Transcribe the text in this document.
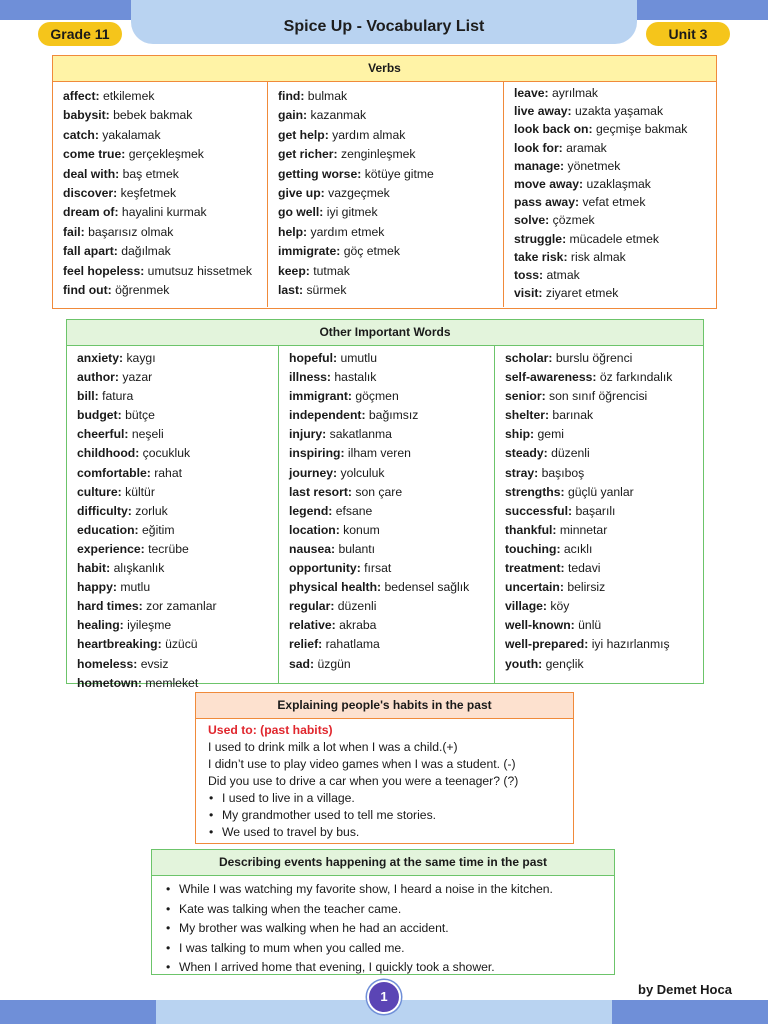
Spice Up - Vocabulary List
Grade 11	Unit 3
Verbs
affect: etkilemek
babysit: bebek bakmak
catch: yakalamak
come true: gerçekleşmek
deal with: baş etmek
discover: keşfetmek
dream of: hayalini kurmak
fail: başarısız olmak
fall apart: dağılmak
feel hopeless: umutsuz hissetmek
find out: öğrenmek
find: bulmak
gain: kazanmak
get help: yardım almak
get richer: zenginleşmek
getting worse: kötüye gitme
give up: vazgeçmek
go well: iyi gitmek
help: yardım etmek
immigrate: göç etmek
keep: tutmak
last: sürmek
leave: ayrılmak
live away: uzakta yaşamak
look back on: geçmişe bakmak
look for: aramak
manage: yönetmek
move away: uzaklaşmak
pass away: vefat etmek
solve: çözmek
struggle: mücadele etmek
take risk: risk almak
toss: atmak
visit: ziyaret etmek
Other Important Words
anxiety: kaygı
author: yazar
bill: fatura
budget: bütçe
cheerful: neşeli
childhood: çocukluk
comfortable: rahat
culture: kültür
difficulty: zorluk
education: eğitim
experience: tecrübe
habit: alışkanlık
happy: mutlu
hard times: zor zamanlar
healing: iyileşme
heartbreaking: üzücü
homeless: evsiz
hometown: memleket
hopeful: umutlu
illness: hastalık
immigrant: göçmen
independent: bağımsız
injury: sakatlanma
inspiring: ilham veren
journey: yolculuk
last resort: son çare
legend: efsane
location: konum
nausea: bulantı
opportunity: fırsat
physical health: bedensel sağlık
regular: düzenli
relative: akraba
relief: rahatlama
sad: üzgün
scholar: burslu öğrenci
self-awareness: öz farkındalık
senior: son sınıf öğrencisi
shelter: barınak
ship: gemi
steady: düzenli
stray: başıboş
strengths: güçlü yanlar
successful: başarılı
thankful: minnetar
touching: acıklı
treatment: tedavi
uncertain: belirsiz
village: köy
well-known: ünlü
well-prepared: iyi hazırlanmış
youth: gençlik
Explaining people's habits in the past
Used to: (past habits)
I used to drink milk a lot when I was a child.(+)
I didn’t use to play video games when I was a student. (-)
Did you use to drive a car when you were a teenager? (?)
• I used to live in a village.
• My grandmother used to tell me stories.
• We used to travel by bus.
Describing events happening at the same time in the past
• While I was watching my favorite show, I heard a noise in the kitchen.
• Kate was talking when the teacher came.
• My brother was walking when he had an accident.
• I was talking to mum when you called me.
• When I arrived home that evening, I quickly took a shower.
1	by Demet Hoca
